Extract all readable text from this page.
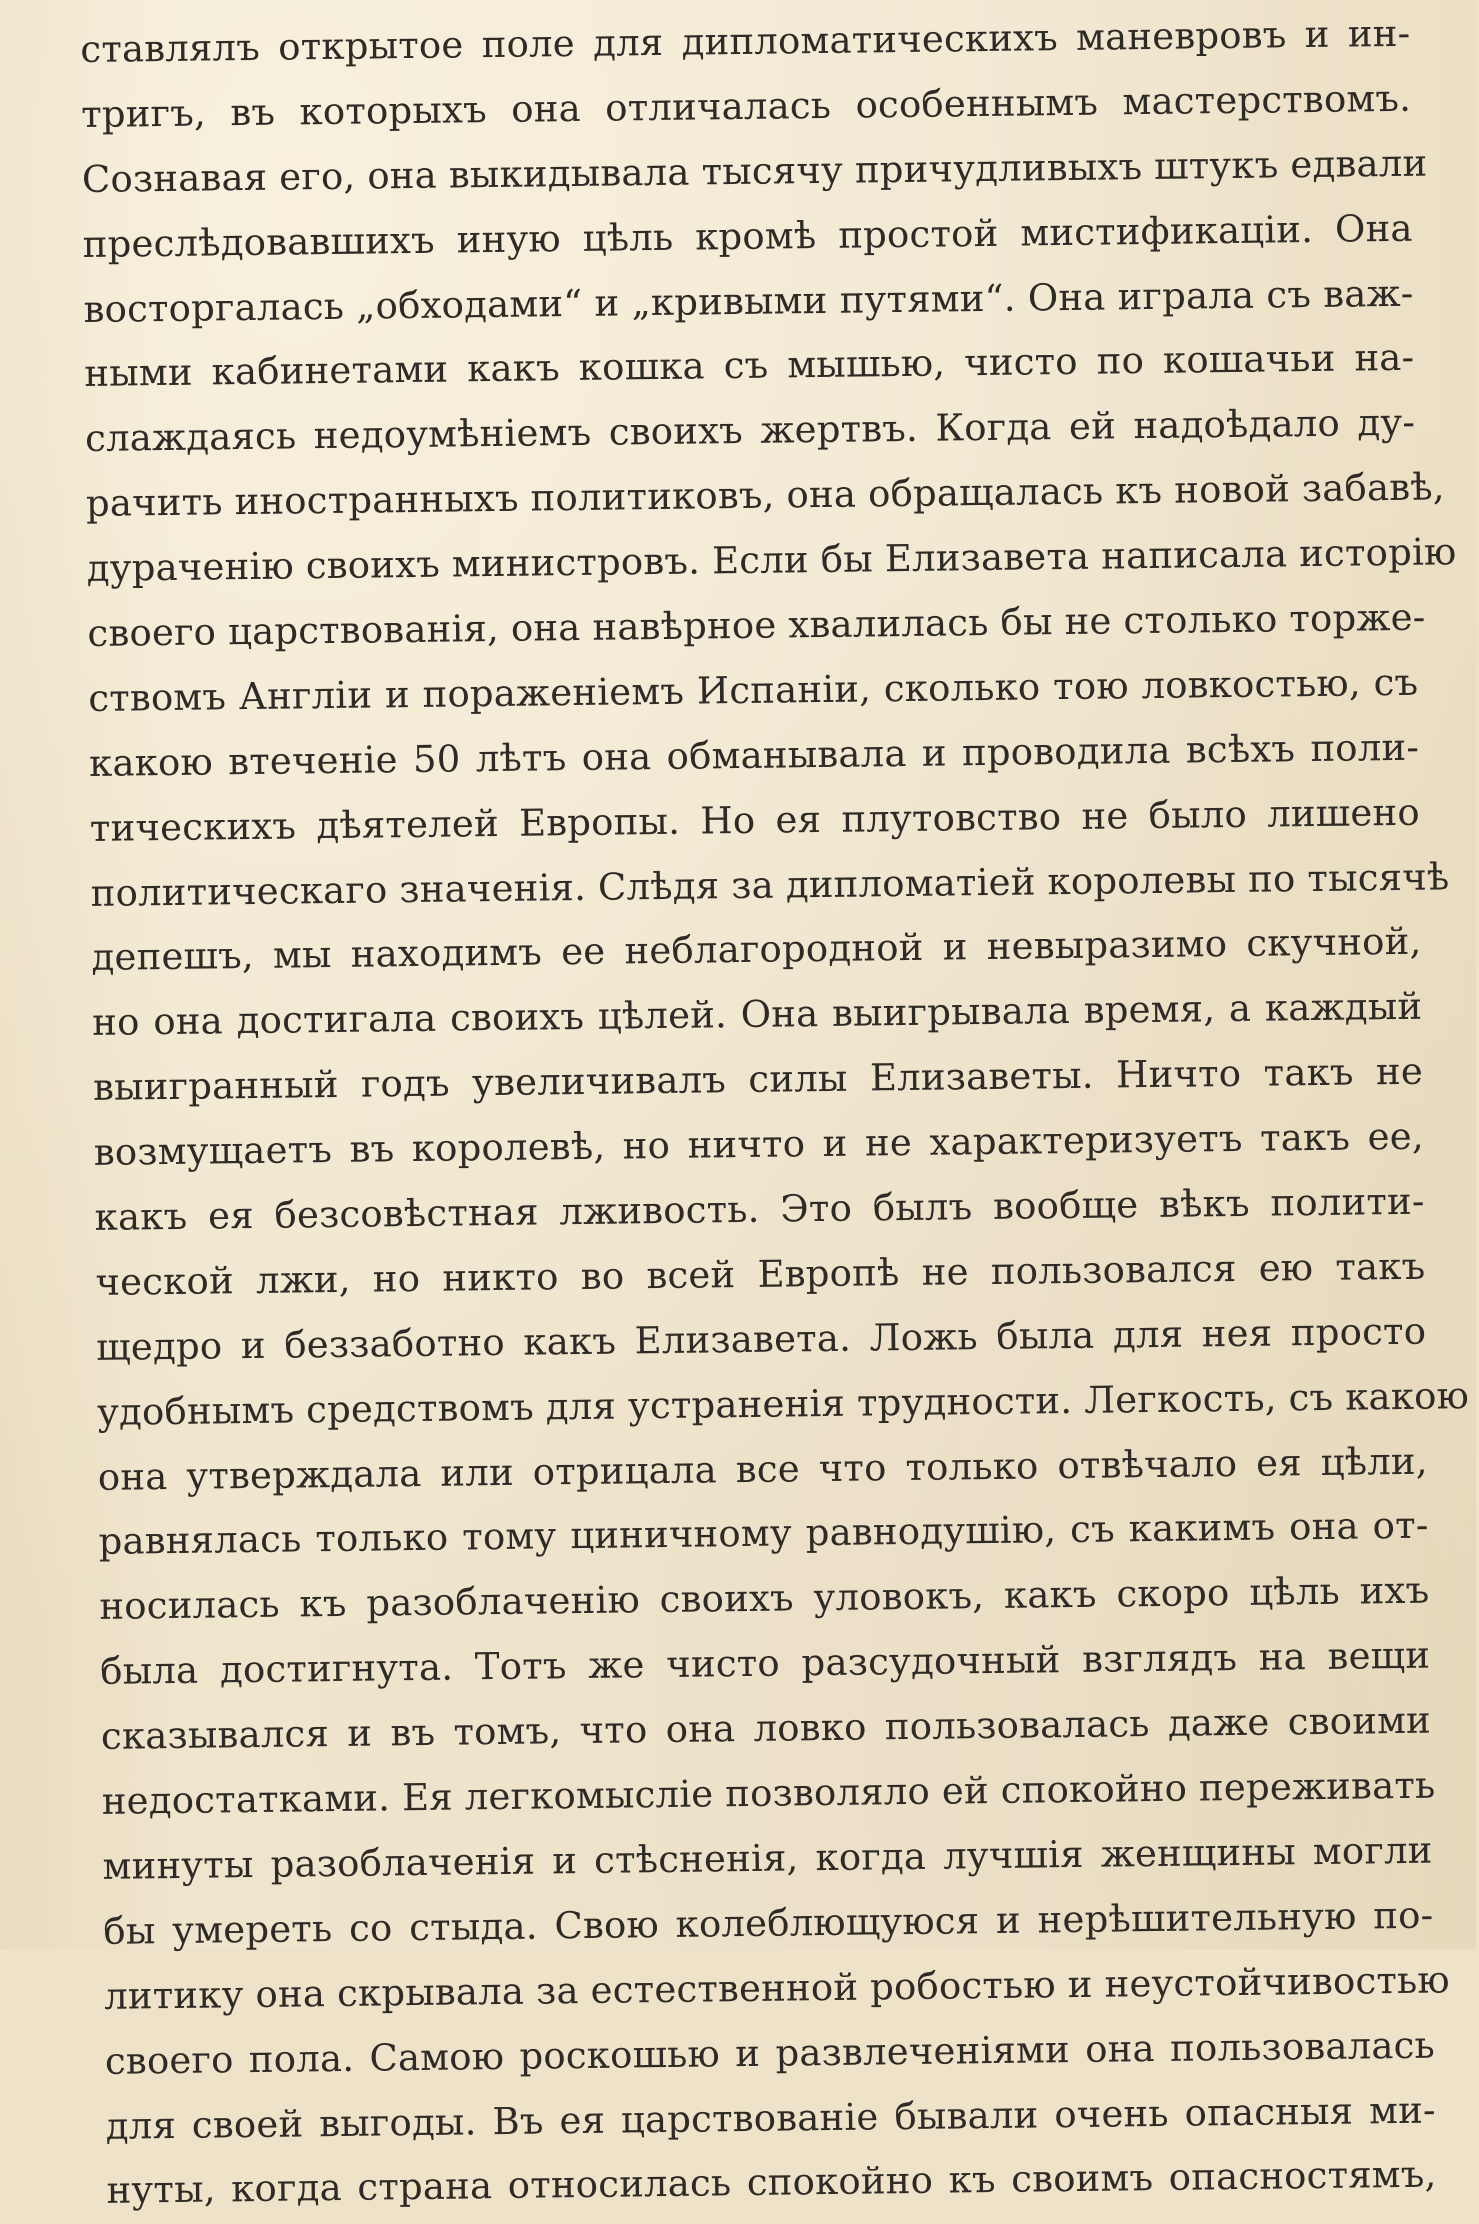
ставлялъ открытое поле для дипломатическихъ маневровъ и ин-
тригъ, въ которыхъ она отличалась особеннымъ мастерствомъ.
Сознавая его, она выкидывала тысячу причудливыхъ штукъ едвали
преслѣдовавшихъ иную цѣль кромѣ простой мистификаціи. Она
восторгалась „обходами“ и „кривыми путями“. Она играла съ важ-
ными кабинетами какъ кошка съ мышью, чисто по кошачьи на-
слаждаясь недоумѣніемъ своихъ жертвъ. Когда ей надоѣдало ду-
рачить иностранныхъ политиковъ, она обращалась къ новой забавѣ,
дураченію своихъ министровъ. Если бы Елизавета написала исторію
своего царствованія, она навѣрное хвалилась бы не столько торже-
ствомъ Англіи и пораженіемъ Испаніи, сколько тою ловкостью, съ
какою втеченіе 50 лѣтъ она обманывала и проводила всѣхъ поли-
тическихъ дѣятелей Европы. Но ея плутовство не было лишено
политическаго значенія. Слѣдя за дипломатіей королевы по тысячѣ
депешъ, мы находимъ ее неблагородной и невыразимо скучной,
но она достигала своихъ цѣлей. Она выигрывала время, а каждый
выигранный годъ увеличивалъ силы Елизаветы. Ничто такъ не
возмущаетъ въ королевѣ, но ничто и не характеризуетъ такъ ее,
какъ ея безсовѣстная лживость. Это былъ вообще вѣкъ полити-
ческой лжи, но никто во всей Европѣ не пользовался ею такъ
щедро и беззаботно какъ Елизавета. Ложь была для нея просто
удобнымъ средствомъ для устраненія трудности. Легкость, съ какою
она утверждала или отрицала все что только отвѣчало ея цѣли,
равнялась только тому циничному равнодушію, съ какимъ она от-
носилась къ разоблаченію своихъ уловокъ, какъ скоро цѣль ихъ
была достигнута. Тотъ же чисто разсудочный взглядъ на вещи
сказывался и въ томъ, что она ловко пользовалась даже своими
недостатками. Ея легкомысліе позволяло ей спокойно переживать
минуты разоблаченія и стѣсненія, когда лучшія женщины могли
бы умереть со стыда. Свою колеблющуюся и нерѣшительную по-
литику она скрывала за естественной робостью и неустойчивостью
своего пола. Самою роскошью и развлеченіями она пользовалась
для своей выгоды. Въ ея царствованіе бывали очень опасныя ми-
нуты, когда страна относилась спокойно къ своимъ опасностямъ,
